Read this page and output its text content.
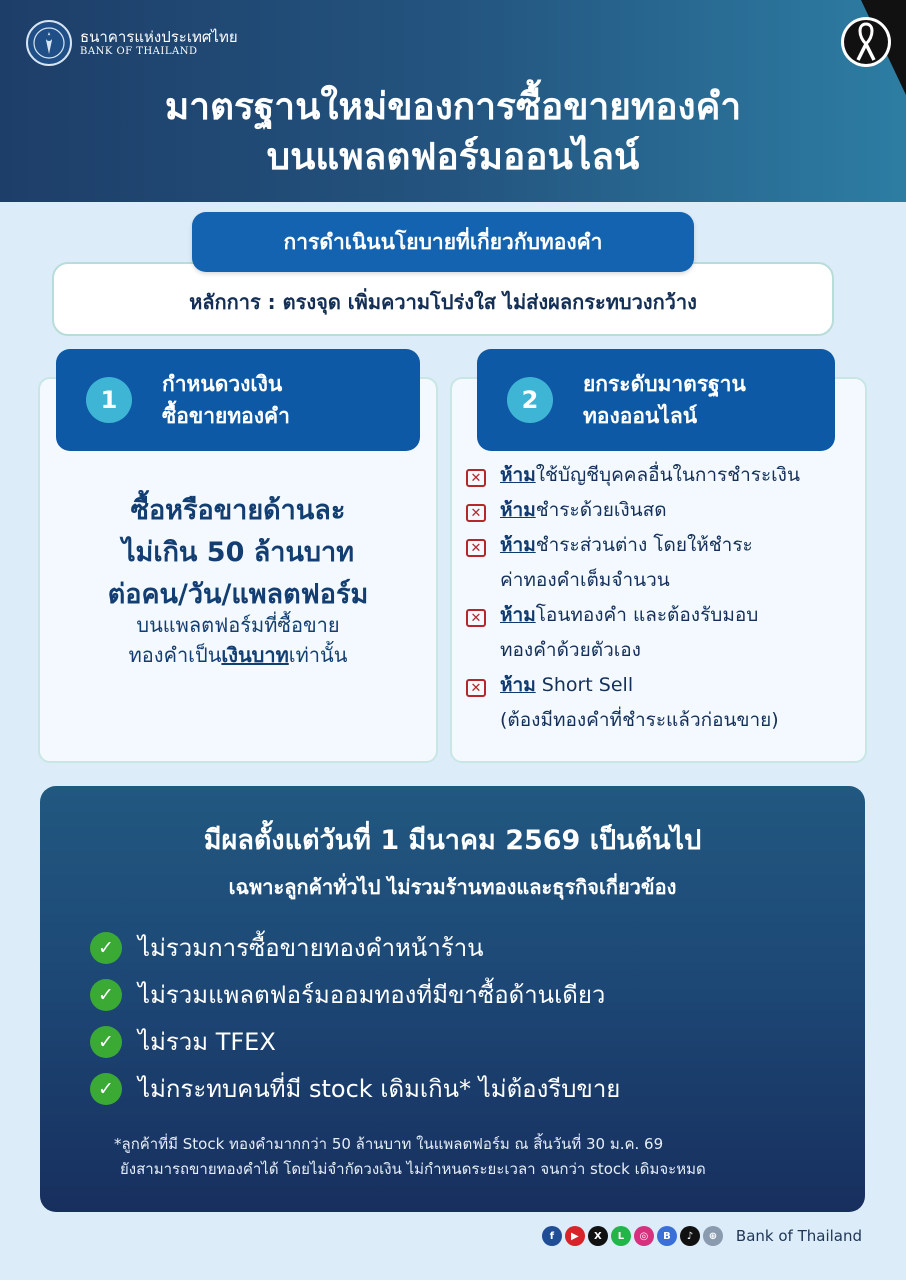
ธนาคารแห่งประเทศไทย
BANK OF THAILAND
มาตรฐานใหม่ของการซื้อขายทองคำ
บนแพลตฟอร์มออนไลน์
หลักการ : ตรงจุด เพิ่มความโปร่งใส ไม่ส่งผลกระทบวงกว้าง
การดำเนินนโยบายที่เกี่ยวกับทองคำ
1
กำหนดวงเงิน
ซื้อขายทองคำ
2
ยกระดับมาตรฐาน
ทองออนไลน์
ซื้อหรือขายด้านละ
ไม่เกิน 50 ล้านบาท
ต่อคน/วัน/แพลตฟอร์ม
บนแพลตฟอร์มที่ซื้อขาย
ทองคำเป็นเงินบาทเท่านั้น
✕ ห้ามใช้บัญชีบุคคลอื่นในการชำระเงิน
✕ ห้ามชำระด้วยเงินสด
✕ ห้ามชำระส่วนต่าง โดยให้ชำระ
ค่าทองคำเต็มจำนวน
✕ ห้ามโอนทองคำ และต้องรับมอบ
ทองคำด้วยตัวเอง
✕ ห้าม Short Sell
(ต้องมีทองคำที่ชำระแล้วก่อนขาย)
มีผลตั้งแต่วันที่ 1 มีนาคม 2569 เป็นต้นไป
เฉพาะลูกค้าทั่วไป ไม่รวมร้านทองและธุรกิจเกี่ยวข้อง
✓	ไม่รวมการซื้อขายทองคำหน้าร้าน
✓	ไม่รวมแพลตฟอร์มออมทองที่มีขาซื้อด้านเดียว
✓	ไม่รวม TFEX
✓	ไม่กระทบคนที่มี stock เดิมเกิน* ไม่ต้องรีบขาย
*ลูกค้าที่มี Stock ทองคำมากกว่า 50 ล้านบาท ในแพลตฟอร์ม ณ สิ้นวันที่ 30 ม.ค. 69
ยังสามารถขายทองคำได้ โดยไม่จำกัดวงเงิน ไม่กำหนดระยะเวลา จนกว่า stock เดิมจะหมด
f	▶	X	L	◎	B	♪	⊕	Bank of Thailand
